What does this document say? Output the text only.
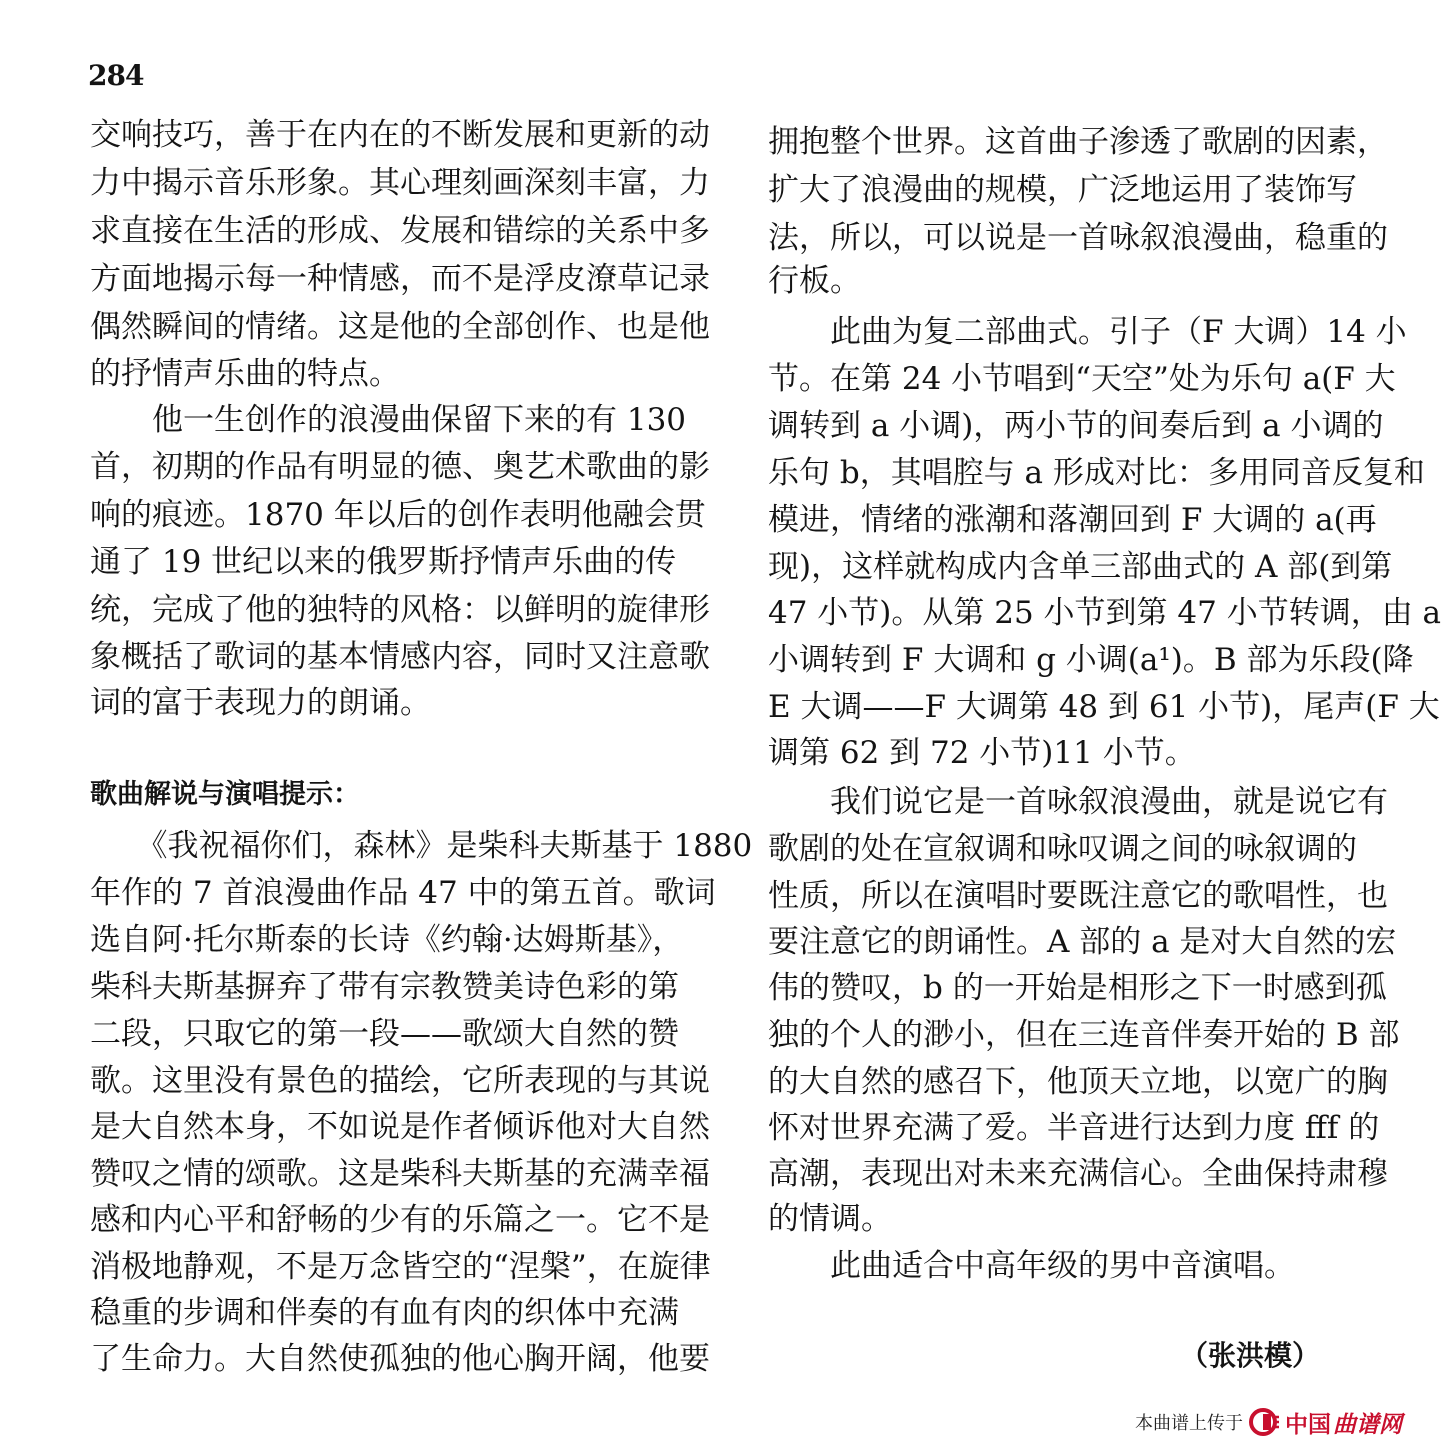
284
交响技巧，善于在内在的不断发展和更新的动
力中揭示音乐形象。其心理刻画深刻丰富，力
求直接在生活的形成、发展和错综的关系中多
方面地揭示每一种情感，而不是浮皮潦草记录
偶然瞬间的情绪。这是他的全部创作、也是他
的抒情声乐曲的特点。
　　他一生创作的浪漫曲保留下来的有 130
首，初期的作品有明显的德、奥艺术歌曲的影
响的痕迹。1870 年以后的创作表明他融会贯
通了 19 世纪以来的俄罗斯抒情声乐曲的传
统，完成了他的独特的风格：以鲜明的旋律形
象概括了歌词的基本情感内容，同时又注意歌
词的富于表现力的朗诵。
歌曲解说与演唱提示：
　　《我祝福你们，森林》是柴科夫斯基于 1880
年作的 7 首浪漫曲作品 47 中的第五首。歌词
选自阿·托尔斯泰的长诗《约翰·达姆斯基》，
柴科夫斯基摒弃了带有宗教赞美诗色彩的第
二段，只取它的第一段——歌颂大自然的赞
歌。这里没有景色的描绘，它所表现的与其说
是大自然本身，不如说是作者倾诉他对大自然
赞叹之情的颂歌。这是柴科夫斯基的充满幸福
感和内心平和舒畅的少有的乐篇之一。它不是
消极地静观，不是万念皆空的“涅槃”，在旋律
稳重的步调和伴奏的有血有肉的织体中充满
了生命力。大自然使孤独的他心胸开阔，他要
拥抱整个世界。这首曲子渗透了歌剧的因素，
扩大了浪漫曲的规模，广泛地运用了装饰写
法，所以，可以说是一首咏叙浪漫曲，稳重的
行板。
　　此曲为复二部曲式。引子（F 大调）14 小
节。在第 24 小节唱到“天空”处为乐句 a(F 大
调转到 a 小调)，两小节的间奏后到 a 小调的
乐句 b，其唱腔与 a 形成对比：多用同音反复和
模进，情绪的涨潮和落潮回到 F 大调的 a(再
现)，这样就构成内含单三部曲式的 A 部(到第
47 小节)。从第 25 小节到第 47 小节转调，由 a
小调转到 F 大调和 g 小调(a¹)。B 部为乐段(降
E 大调——F 大调第 48 到 61 小节)，尾声(F 大
调第 62 到 72 小节)11 小节。
　　我们说它是一首咏叙浪漫曲，就是说它有
歌剧的处在宣叙调和咏叹调之间的咏叙调的
性质，所以在演唱时要既注意它的歌唱性，也
要注意它的朗诵性。A 部的 a 是对大自然的宏
伟的赞叹，b 的一开始是相形之下一时感到孤
独的个人的渺小，但在三连音伴奏开始的 B 部
的大自然的感召下，他顶天立地，以宽广的胸
怀对世界充满了爱。半音进行达到力度 fff 的
高潮，表现出对未来充满信心。全曲保持肃穆
的情调。
　　此曲适合中高年级的男中音演唱。
（张洪模）
本曲谱上传于 中国 曲谱网
